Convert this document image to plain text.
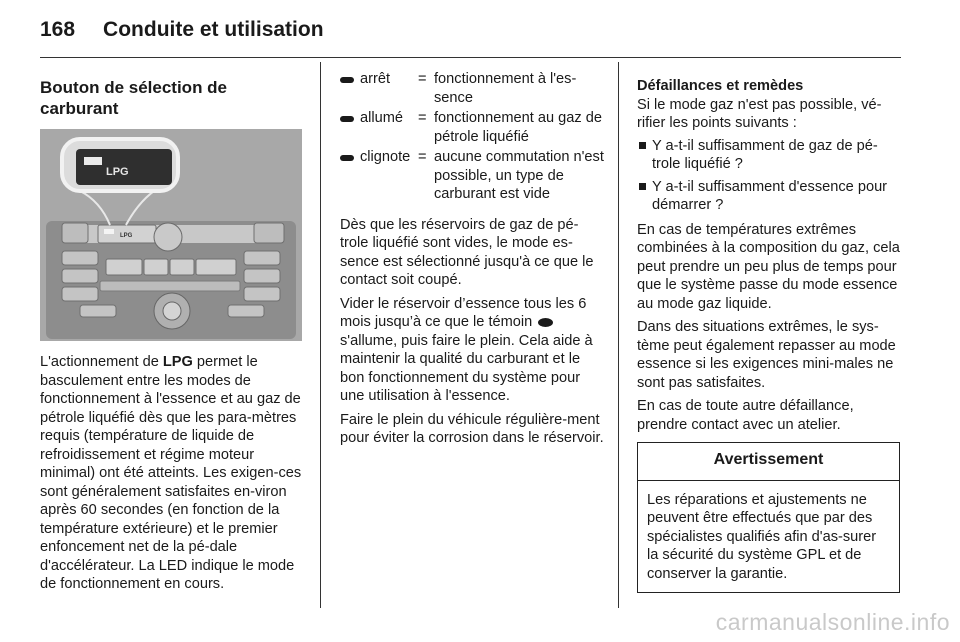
168 Conduite et utilisation
Bouton de sélection de carburant
LPG
LPG

L'actionnement de LPG permet le basculement entre les modes de fonctionnement à l'essence et au gaz de pétrole liquéfié dès que les para-mètres requis (température de liquide de refroidissement et régime moteur minimal) ont été atteints. Les exigen-ces sont généralement satisfaites en-viron après 60 secondes (en fonction de la température extérieure) et le premier enfoncement net de la pé-dale d'accélérateur. La LED indique le mode de fonctionnement en cours.

	arrêt	=	fonctionnement à l'es-sence
	allumé	=	fonctionnement au gaz de pétrole liquéfié
	clignote	=	aucune commutation n'est possible, un type de carburant est vide

Dès que les réservoirs de gaz de pé-trole liquéfié sont vides, le mode es-sence est sélectionné jusqu'à ce que le contact soit coupé.

Vider le réservoir d’essence tous les 6 mois jusqu’à ce que le témoin  s'allume, puis faire le plein. Cela aide à maintenir la qualité du carburant et le bon fonctionnement du système pour une utilisation à l'essence.

Faire le plein du véhicule régulière-ment pour éviter la corrosion dans le réservoir.

Défaillances et remèdes

Si le mode gaz n'est pas possible, vé-rifier les points suivants :

Y a-t-il suffisamment de gaz de pé-trole liquéfié ?
Y a-t-il suffisamment d'essence pour démarrer ?

En cas de températures extrêmes combinées à la composition du gaz, cela peut prendre un peu plus de temps pour que le système passe du mode essence au mode gaz liquide.

Dans des situations extrêmes, le sys-tème peut également repasser au mode essence si les exigences mini-males ne sont pas satisfaites.

En cas de toute autre défaillance, prendre contact avec un atelier.

Avertissement
Les réparations et ajustements ne peuvent être effectués que par des spécialistes qualifiés afin d'as-surer la sécurité du système GPL et de conserver la garantie.
carmanualsonline.info
